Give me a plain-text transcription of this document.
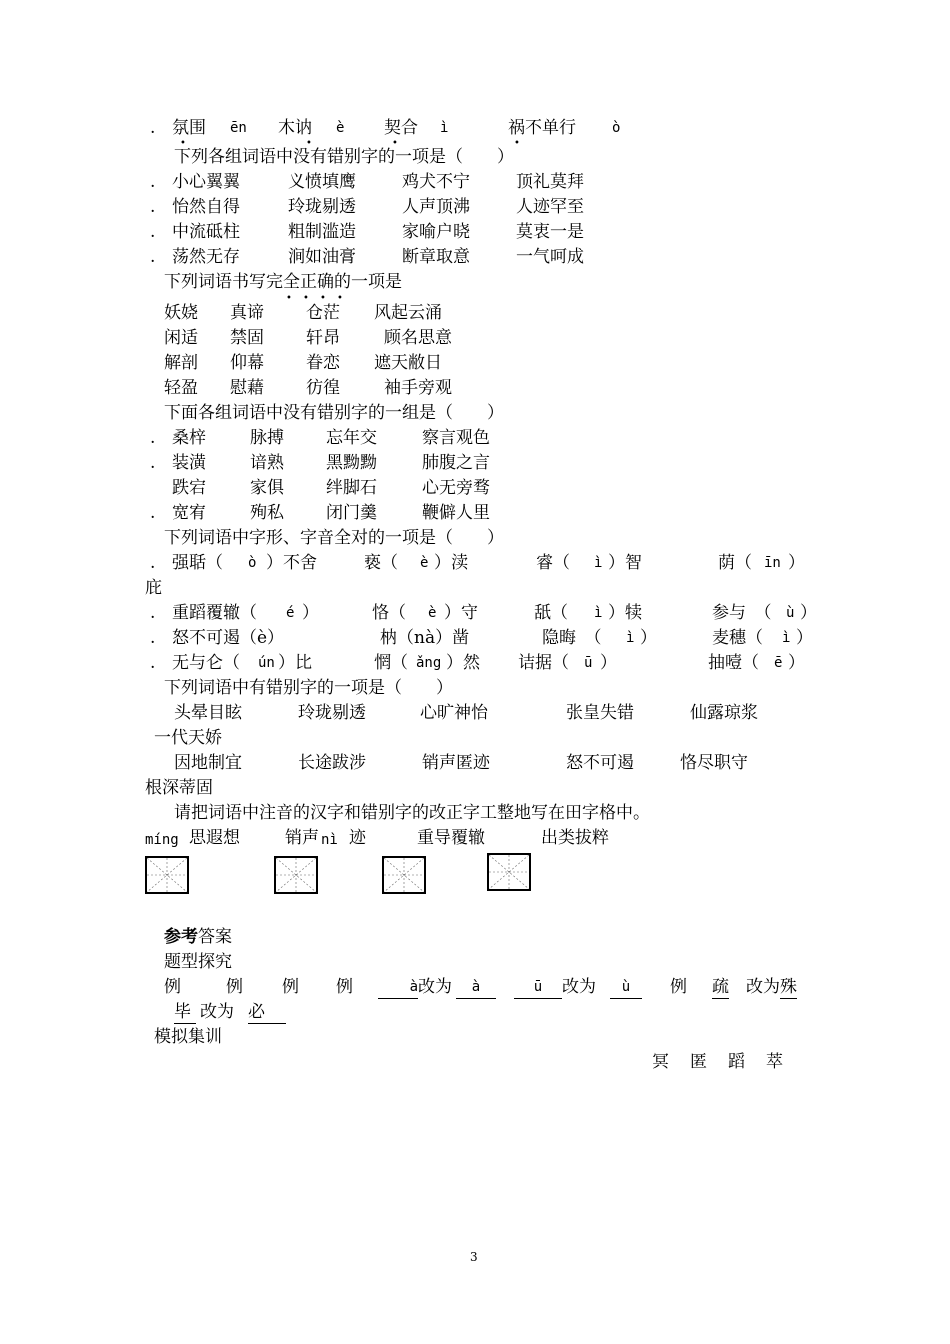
. 氛围
•
ēn 木讷
•
è 契合
•
ì	祸不单行
•
ò
下列各组词语中没有错别字的一项是（　　）
. 小心翼翼	义愤填鹰	鸡犬不宁	顶礼莫拜
. 怡然自得	玲珑剔透	人声顶沸	人迹罕至
. 中流砥柱	粗制滥造	家喻户晓	莫衷一是
. 荡然无存	涧如油膏	断章取意	一气呵成
下列词语书写完全正确的一项是
• • • •
妖娆 真谛 仓茫 风起云涌
闲适 禁固 轩昂	顾名思意
解剖 仰幕 眷恋 遮天敝日
轻盈 慰藉 彷徨	袖手旁观
下面各组词语中没有错别字的一组是（　　）
. 桑梓	脉搏 忘年交	察言观色
. 装潢	谙熟 黑黝黝	肺腹之言
跌宕	家俱 绊脚石	心无旁骛
. 宽宥	殉私 闭门羹	鞭僻人里
下列词语中字形、字音全对的一项是（　　）
. 强聒（ ò ）不舍	亵（ è ）渎	睿（ ì ）智	荫（ īn ）
庇
. 重蹈覆辙（ é ）	恪（ è ）守	舐（ ì ）犊	参与　（ ù ）
. 怒不可遏（è）	枘（nà）凿	隐晦　（ ì ）	麦穗（ ì ）
. 无与仑（ ún ）比	惘（ ǎng ）然 诘据（ ū ）	抽噎（ ē ）
下列词语中有错别字的一项是（　　）
头晕目眩	玲珑剔透	心旷神怡	张皇失错	仙露琼浆
一代天娇
因地制宜	长途跋涉	销声匿迹	怒不可遏	恪尽职守
根深蒂固
请把词语中注音的汉字和错别字的改正字工整地写在田字格中。
míng 思遐想	销声 nì 迹	重导覆辙	出类拔粹
参考答案
题型探究
例	例 例 例	à 改为	à	ū	改为	ù	例 疏 改为 殊
毕 改为 必
模拟集训
冥 匿 蹈 萃
3
